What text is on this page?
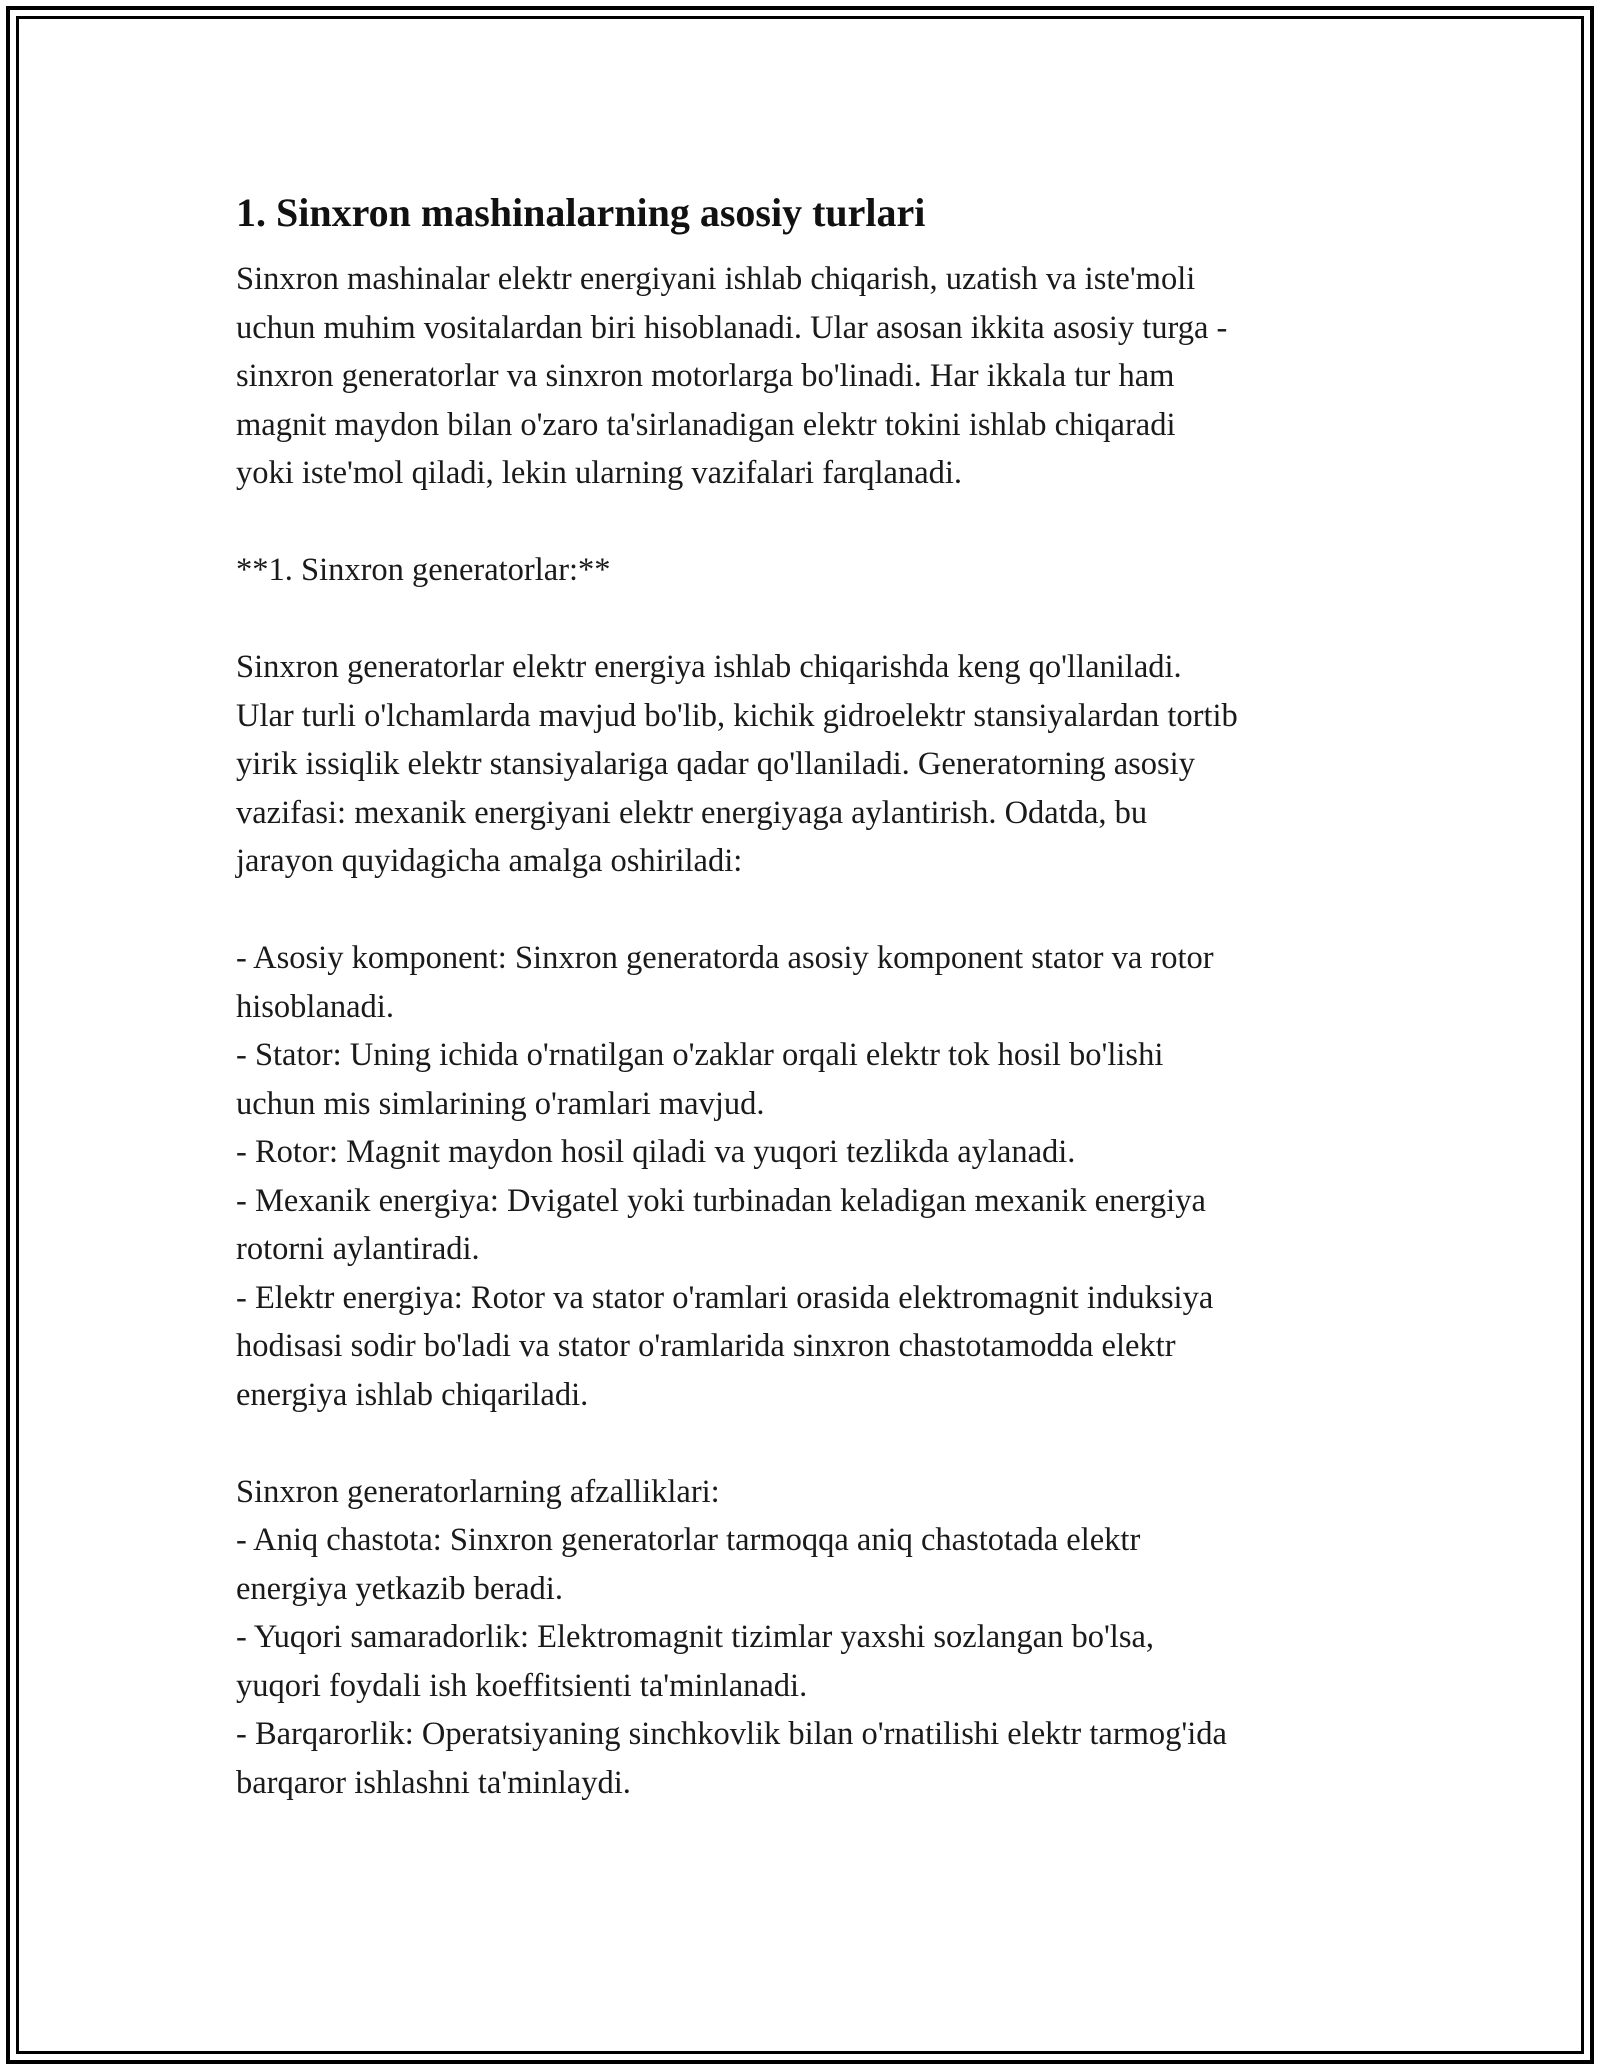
1. Sinxron mashinalarning asosiy turlari

Sinxron mashinalar elektr energiyani ishlab chiqarish, uzatish va iste'moli
uchun muhim vositalardan biri hisoblanadi. Ular asosan ikkita asosiy turga -
sinxron generatorlar va sinxron motorlarga bo'linadi. Har ikkala tur ham
magnit maydon bilan o'zaro ta'sirlanadigan elektr tokini ishlab chiqaradi
yoki iste'mol qiladi, lekin ularning vazifalari farqlanadi.
**1. Sinxron generatorlar:**

Sinxron generatorlar elektr energiya ishlab chiqarishda keng qo'llaniladi.
Ular turli o'lchamlarda mavjud bo'lib, kichik gidroelektr stansiyalardan tortib
yirik issiqlik elektr stansiyalariga qadar qo'llaniladi. Generatorning asosiy
vazifasi: mexanik energiyani elektr energiyaga aylantirish. Odatda, bu
jarayon quyidagicha amalga oshiriladi:

- Asosiy komponent: Sinxron generatorda asosiy komponent stator va rotor
hisoblanadi.
- Stator: Uning ichida o'rnatilgan o'zaklar orqali elektr tok hosil bo'lishi
uchun mis simlarining o'ramlari mavjud.
- Rotor: Magnit maydon hosil qiladi va yuqori tezlikda aylanadi.
- Mexanik energiya: Dvigatel yoki turbinadan keladigan mexanik energiya
rotorni aylantiradi.
- Elektr energiya: Rotor va stator o'ramlari orasida elektromagnit induksiya
hodisasi sodir bo'ladi va stator o'ramlarida sinxron chastotamodda elektr
energiya ishlab chiqariladi.

Sinxron generatorlarning afzalliklari:
- Aniq chastota: Sinxron generatorlar tarmoqqa aniq chastotada elektr
energiya yetkazib beradi.
- Yuqori samaradorlik: Elektromagnit tizimlar yaxshi sozlangan bo'lsa,
yuqori foydali ish koeffitsienti ta'minlanadi.
- Barqarorlik: Operatsiyaning sinchkovlik bilan o'rnatilishi elektr tarmog'ida
barqaror ishlashni ta'minlaydi.
